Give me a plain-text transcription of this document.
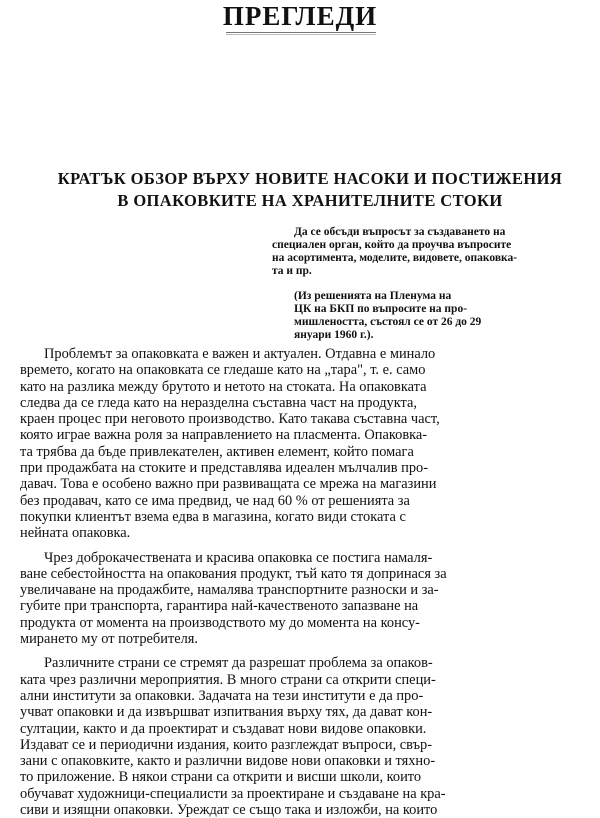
ПРЕГЛЕДИ
КРАТЪК ОБЗОР ВЪРХУ НОВИТЕ НАСОКИ И ПОСТИЖЕНИЯ
В ОПАКОВКИТЕ НА ХРАНИТЕЛНИТЕ СТОКИ
Да се обсъди въпросът за създаването на
специален орган, който да проучва въпросите
на асортимента, моделите, видовете, опаковка-
та и пр.
(Из решенията на Пленума на
ЦК на БКП по въпросите на про-
мишлеността, състоял се от 26 до 29
януари 1960 г.).
Проблемът за опаковката е важен и актуален. Отдавна е минало
времето, когато на опаковката се гледаше като на „тара", т. е. само
като на разлика между брутото и нетото на стоката. На опаковката
следва да се гледа като на неразделна съставна част на продукта,
краен процес при неговото производство. Като такава съставна част,
която играе важна роля за направлението на пласмента. Опаковка-
та трябва да бъде привлекателен, активен елемент, който помага
при продажбата на стоките и представлява идеален мълчалив про-
давач. Това е особено важно при развиващата се мрежа на магазини
без продавач, като се има предвид, че над 60 % от решенията за
покупки клиентът взема едва в магазина, когато види стоката с
нейната опаковка.
Чрез доброкачествената и красива опаковка се постига намаля-
ване себестойността на опакования продукт, тъй като тя допринася за
увеличаване на продажбите, намалява транспортните разноски и за-
губите при транспорта, гарантира най-качественото запазване на
продукта от момента на производството му до момента на консу-
мирането му от потребителя.
Различните страни се стремят да разрешат проблема за опаков-
ката чрез различни мероприятия. В много страни са открити специ-
ални институти за опаковки. Задачата на тези институти е да про-
учват опаковки и да извършват изпитвания върху тях, да дават кон-
султации, както и да проектират и създават нови видове опаковки.
Издават се и периодични издания, които разглеждат въпроси, свър-
зани с опаковките, както и различни видове нови опаковки и тяхно-
то приложение. В някои страни са открити и висши школи, които
обучават художници-специалисти за проектиране и създаване на кра-
сиви и изящни опаковки. Уреждат се също така и изложби, на които
